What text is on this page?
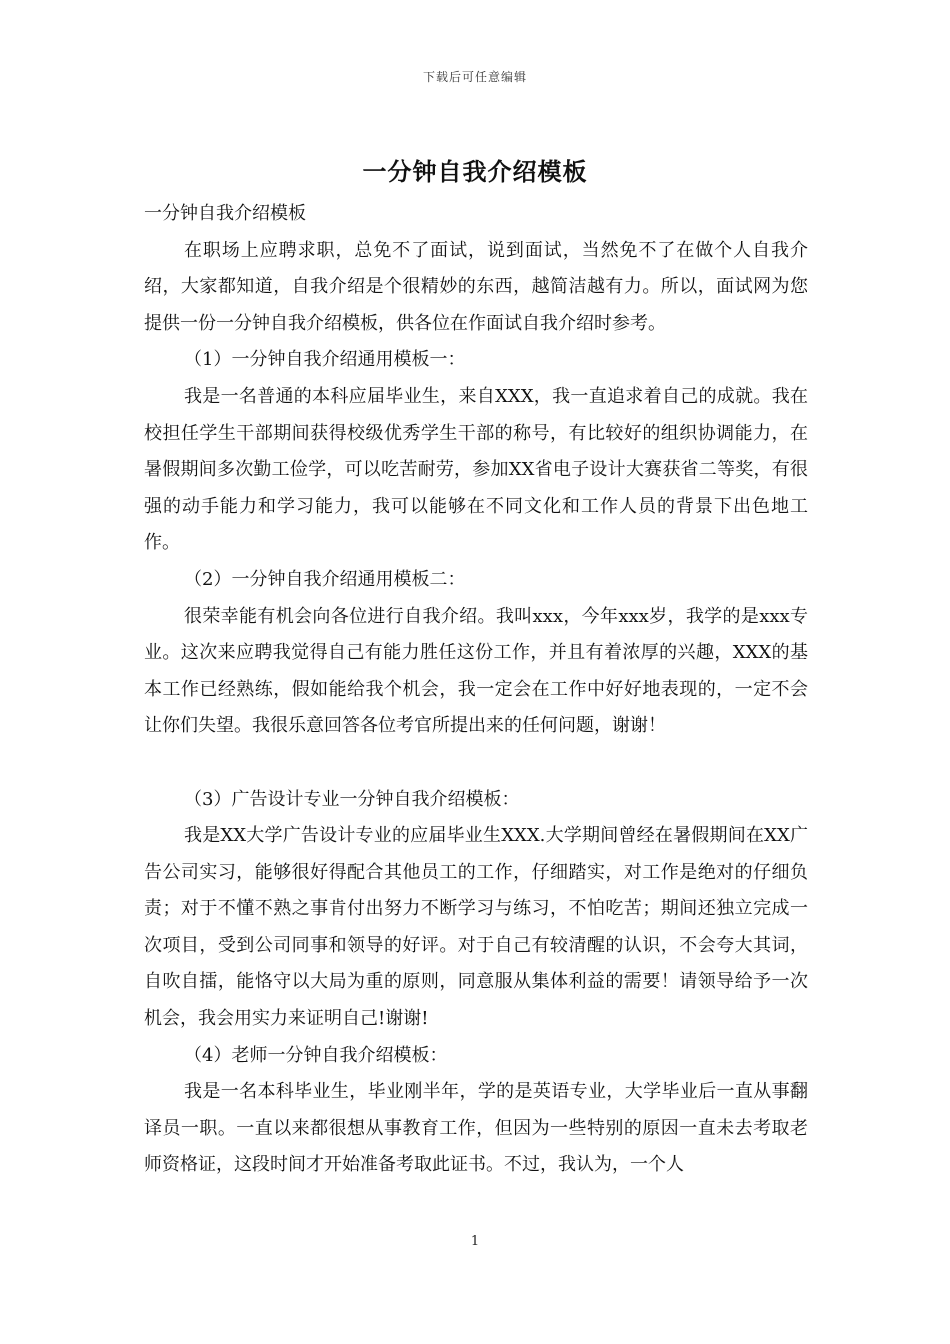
下载后可任意编辑
一分钟自我介绍模板

一分钟自我介绍模板

在职场上应聘求职，总免不了面试，说到面试，当然免不了在做个人自我介绍，大家都知道，自我介绍是个很精妙的东西，越简洁越有力。所以，面试网为您提供一份一分钟自我介绍模板，供各位在作面试自我介绍时参考。

（1）一分钟自我介绍通用模板一：

我是一名普通的本科应届毕业生，来自XXX，我一直追求着自己的成就。我在校担任学生干部期间获得校级优秀学生干部的称号，有比较好的组织协调能力，在暑假期间多次勤工俭学，可以吃苦耐劳，参加XX省电子设计大赛获省二等奖，有很强的动手能力和学习能力，我可以能够在不同文化和工作人员的背景下出色地工作。

（2）一分钟自我介绍通用模板二：

很荣幸能有机会向各位进行自我介绍。我叫xxx，今年xxx岁，我学的是xxx专业。这次来应聘我觉得自己有能力胜任这份工作，并且有着浓厚的兴趣，XXX的基本工作已经熟练，假如能给我个机会，我一定会在工作中好好地表现的，一定不会让你们失望。我很乐意回答各位考官所提出来的任何问题，谢谢！

（3）广告设计专业一分钟自我介绍模板：

我是XX大学广告设计专业的应届毕业生XXX.大学期间曾经在暑假期间在XX广告公司实习，能够很好得配合其他员工的工作，仔细踏实，对工作是绝对的仔细负责；对于不懂不熟之事肯付出努力不断学习与练习，不怕吃苦；期间还独立完成一次项目，受到公司同事和领导的好评。对于自己有较清醒的认识，不会夸大其词，自吹自擂，能恪守以大局为重的原则，同意服从集体利益的需要！请领导给予一次机会，我会用实力来证明自己!谢谢!

（4）老师一分钟自我介绍模板：

我是一名本科毕业生，毕业刚半年，学的是英语专业，大学毕业后一直从事翻译员一职。一直以来都很想从事教育工作，但因为一些特别的原因一直未去考取老师资格证，这段时间才开始准备考取此证书。不过，我认为，一个人

1
